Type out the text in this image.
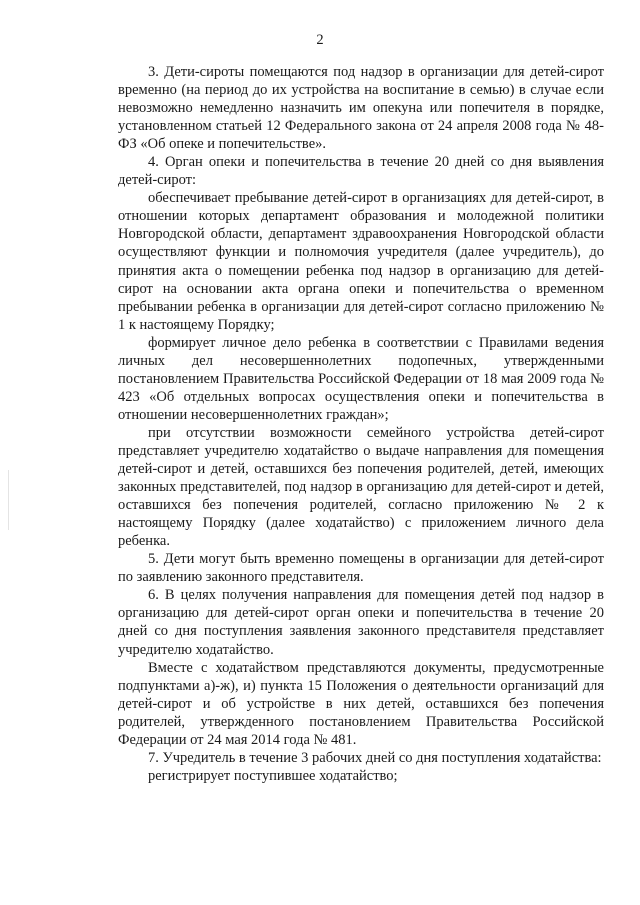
2

3. Дети-сироты помещаются под надзор в организации для детей-сирот временно (на период до их устройства на воспитание в семью) в случае если невозможно немедленно назначить им опекуна или попечителя в порядке, установленном статьей 12 Федерального закона от 24 апреля 2008 года № 48-ФЗ «Об опеке и попечительстве».

4. Орган опеки и попечительства в течение 20 дней со дня выявления детей-сирот:

обеспечивает пребывание детей-сирот в организациях для детей-сирот, в отношении которых департамент образования и молодежной политики Новгородской области, департамент здравоохранения Новгородской области осуществляют функции и полномочия учредителя (далее учредитель), до принятия акта о помещении ребенка под надзор в организацию для детей-сирот на основании акта органа опеки и попечительства о временном пребывании ребенка в организации для детей-сирот согласно приложению № 1 к настоящему Порядку;

формирует личное дело ребенка в соответствии с Правилами ведения личных дел несовершеннолетних подопечных, утвержденными постановлением Правительства Российской Федерации от 18 мая 2009 года № 423 «Об отдельных вопросах осуществления опеки и попечительства в отношении несовершеннолетних граждан»;

при отсутствии возможности семейного устройства детей-сирот представляет учредителю ходатайство о выдаче направления для помещения детей-сирот и детей, оставшихся без попечения родителей, детей, имеющих законных представителей, под надзор в организацию для детей-сирот и детей, оставшихся без попечения родителей, согласно приложению № 2 к настоящему Порядку (далее ходатайство) с приложением личного дела ребенка.

5. Дети могут быть временно помещены в организации для детей-сирот по заявлению законного представителя.

6. В целях получения направления для помещения детей под надзор в организацию для детей-сирот орган опеки и попечительства в течение 20 дней со дня поступления заявления законного представителя представляет учредителю ходатайство.

Вместе с ходатайством представляются документы, предусмотренные подпунктами а)-ж), и) пункта 15 Положения о деятельности организаций для детей-сирот и об устройстве в них детей, оставшихся без попечения родителей, утвержденного постановлением Правительства Российской Федерации от 24 мая 2014 года № 481.

7. Учредитель в течение 3 рабочих дней со дня поступления ходатайства:

регистрирует поступившее ходатайство;
